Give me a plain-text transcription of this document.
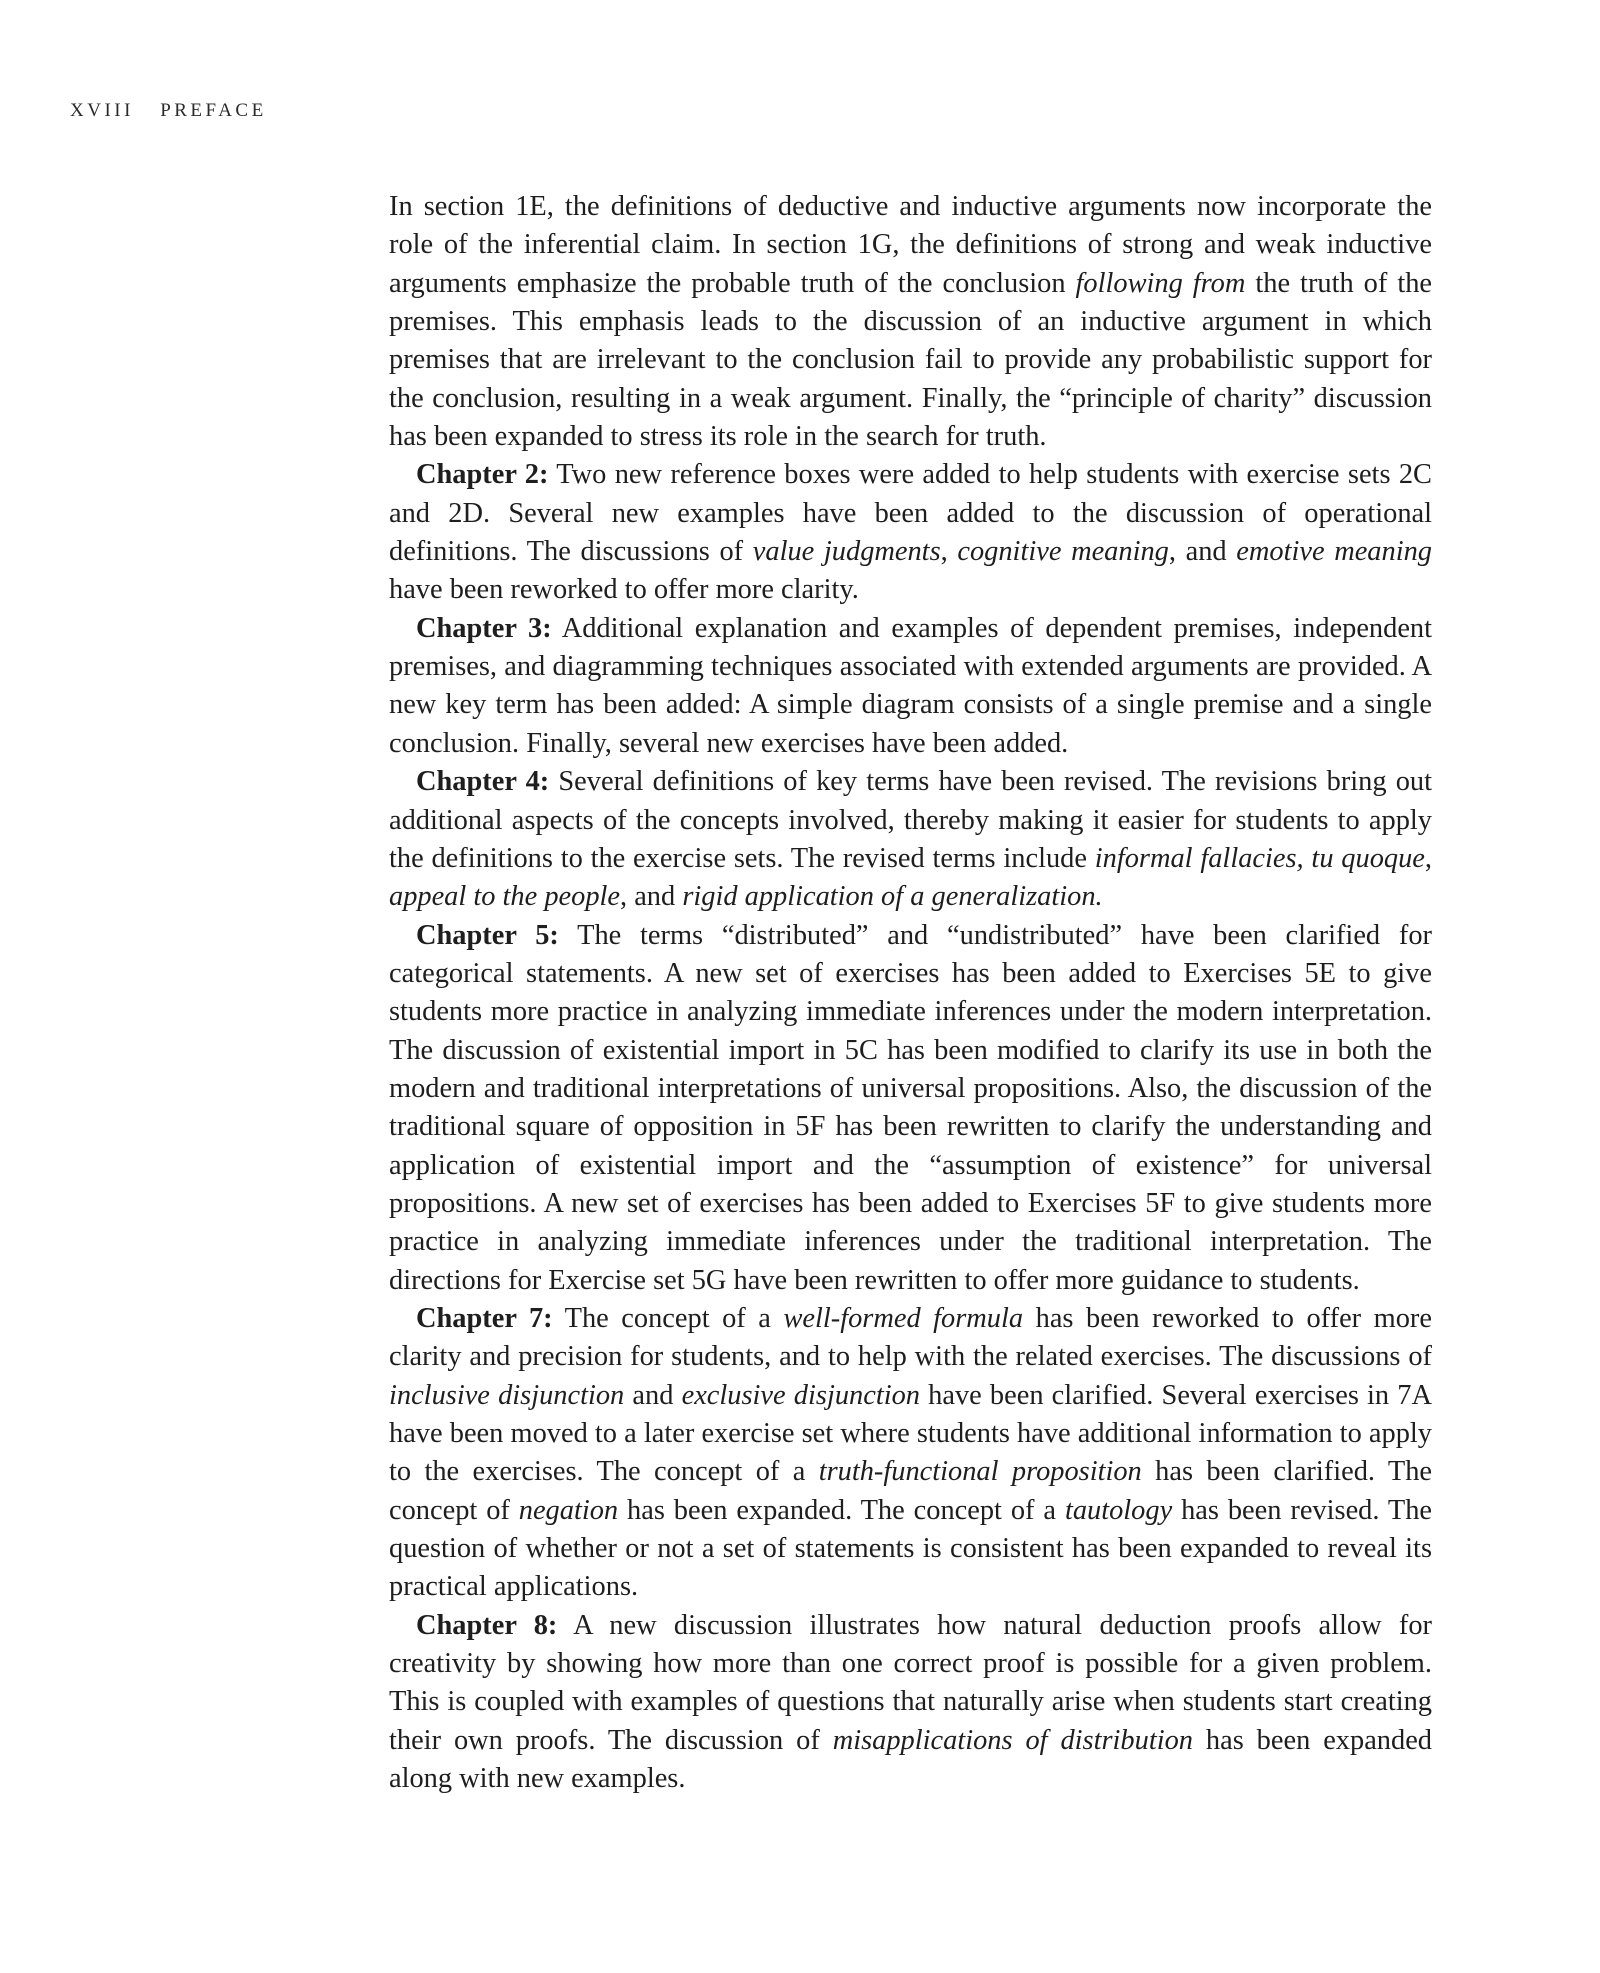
XVIII PREFACE

In section 1E, the definitions of deductive and inductive arguments now incorporate the role of the inferential claim. In section 1G, the definitions of strong and weak inductive arguments emphasize the probable truth of the conclusion following from the truth of the premises. This emphasis leads to the discussion of an inductive argument in which premises that are irrelevant to the conclusion fail to provide any probabilistic support for the conclusion, resulting in a weak argument. Finally, the “principle of charity” discussion has been expanded to stress its role in the search for truth.

Chapter 2: Two new reference boxes were added to help students with exercise sets 2C and 2D. Several new examples have been added to the discussion of operational definitions. The discussions of value judgments, cognitive meaning, and emotive meaning have been reworked to offer more clarity.

Chapter 3: Additional explanation and examples of dependent premises, independent premises, and diagramming techniques associated with extended arguments are provided. A new key term has been added: A simple diagram consists of a single premise and a single conclusion. Finally, several new exercises have been added.

Chapter 4: Several definitions of key terms have been revised. The revisions bring out additional aspects of the concepts involved, thereby making it easier for students to apply the definitions to the exercise sets. The revised terms include informal fallacies, tu quoque, appeal to the people, and rigid application of a generalization.

Chapter 5: The terms “distributed” and “undistributed” have been clarified for categorical statements. A new set of exercises has been added to Exercises 5E to give students more practice in analyzing immediate inferences under the modern interpretation. The discussion of existential import in 5C has been modified to clarify its use in both the modern and traditional interpretations of universal propositions. Also, the discussion of the traditional square of opposition in 5F has been rewritten to clarify the understanding and application of existential import and the “assumption of existence” for universal propositions. A new set of exercises has been added to Exercises 5F to give students more practice in analyzing immediate inferences under the traditional interpretation. The directions for Exercise set 5G have been rewritten to offer more guidance to students.

Chapter 7: The concept of a well-formed formula has been reworked to offer more clarity and precision for students, and to help with the related exercises. The discussions of inclusive disjunction and exclusive disjunction have been clarified. Several exercises in 7A have been moved to a later exercise set where students have additional information to apply to the exercises. The concept of a truth-functional proposition has been clarified. The concept of negation has been expanded. The concept of a tautology has been revised. The question of whether or not a set of statements is consistent has been expanded to reveal its practical applications.

Chapter 8: A new discussion illustrates how natural deduction proofs allow for creativity by showing how more than one correct proof is possible for a given problem. This is coupled with examples of questions that naturally arise when students start creating their own proofs. The discussion of misapplications of distribution has been expanded along with new examples.
